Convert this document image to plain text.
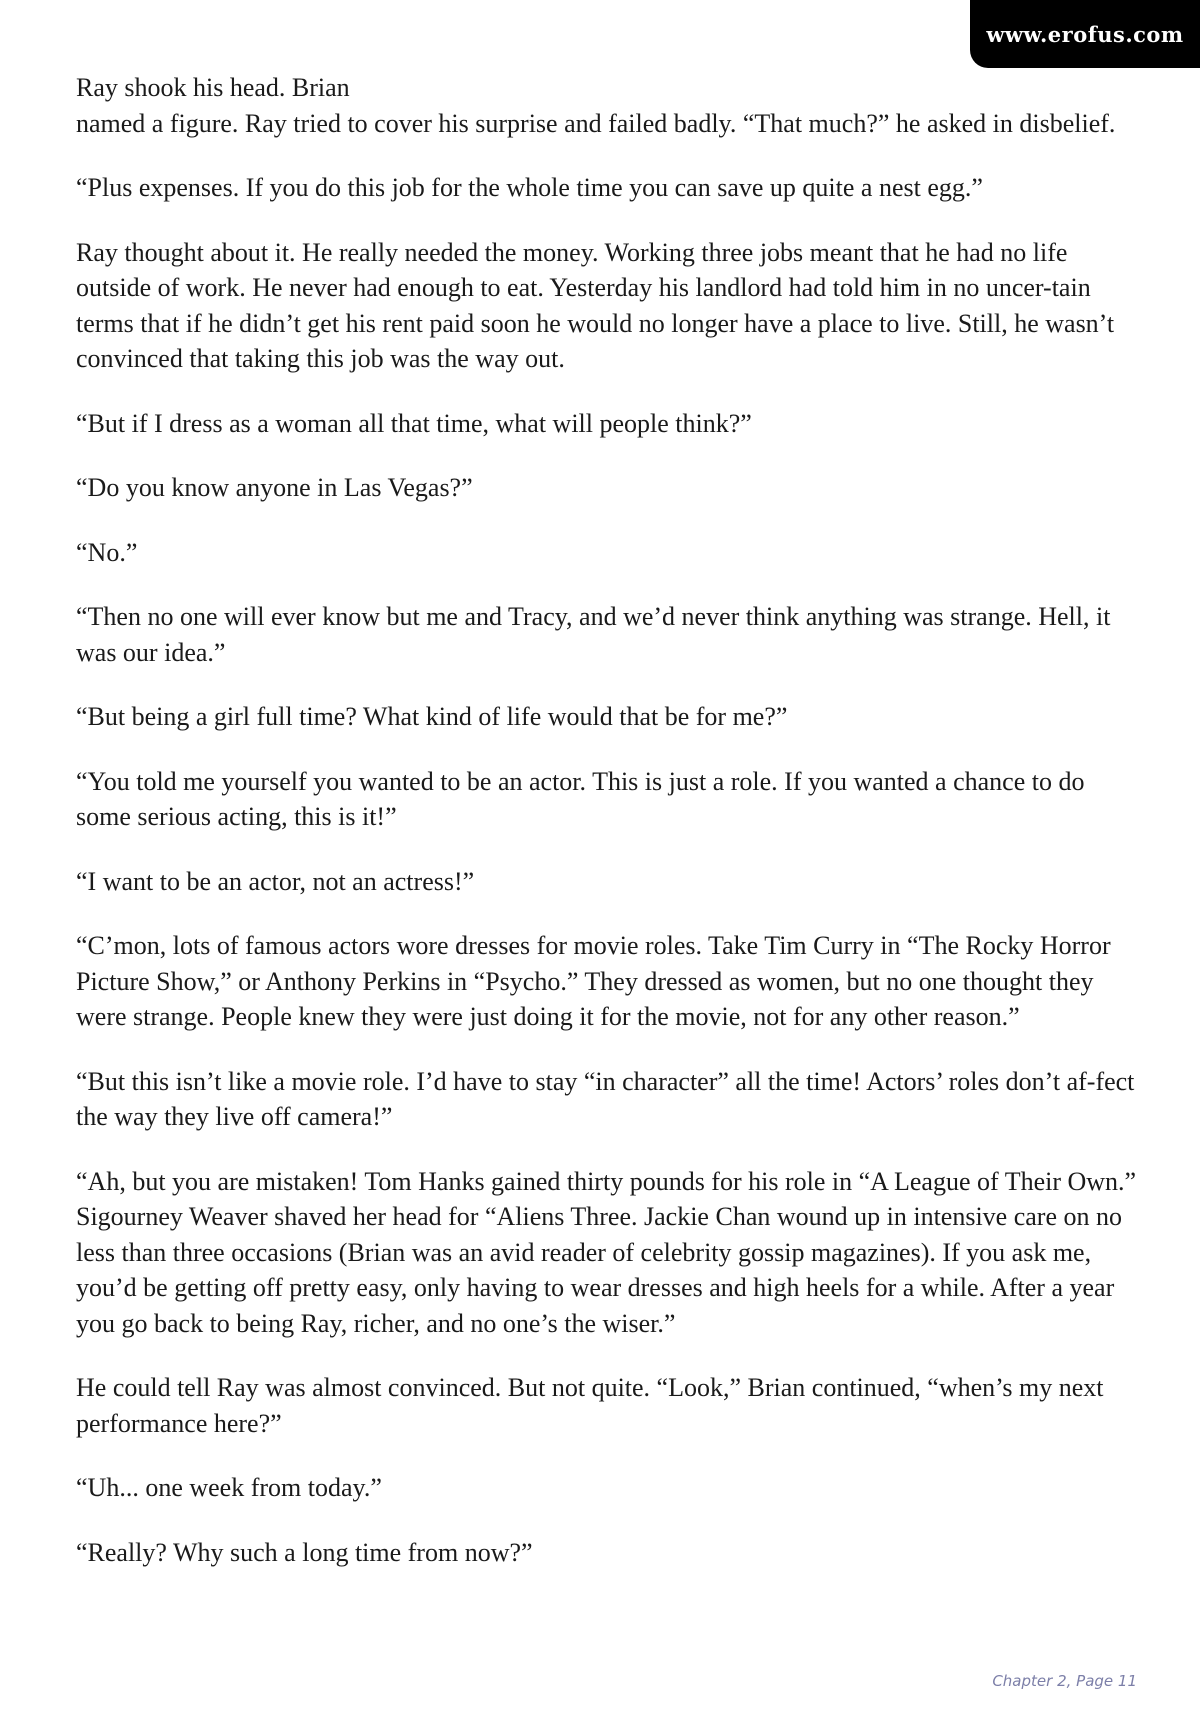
www.erofus.com

Ray shook his head. Brian
named a figure. Ray tried to cover his surprise and failed badly. “That much?” he asked in disbelief.

“Plus expenses. If you do this job for the whole time you can save up quite a nest egg.”

Ray thought about it. He really needed the money. Working three jobs meant that he had no life outside of work. He never had enough to eat. Yesterday his landlord had told him in no uncer-tain terms that if he didn’t get his rent paid soon he would no longer have a place to live. Still, he wasn’t convinced that taking this job was the way out.

“But if I dress as a woman all that time, what will people think?”

“Do you know anyone in Las Vegas?”

“No.”

“Then no one will ever know but me and Tracy, and we’d never think anything was strange. Hell, it was our idea.”

“But being a girl full time? What kind of life would that be for me?”

“You told me yourself you wanted to be an actor. This is just a role. If you wanted a chance to do some serious acting, this is it!”

“I want to be an actor, not an actress!”

“C’mon, lots of famous actors wore dresses for movie roles. Take Tim Curry in “The Rocky Horror Picture Show,” or Anthony Perkins in “Psycho.” They dressed as women, but no one thought they were strange. People knew they were just doing it for the movie, not for any other reason.”

“But this isn’t like a movie role. I’d have to stay “in character” all the time! Actors’ roles don’t af-fect the way they live off camera!”

“Ah, but you are mistaken! Tom Hanks gained thirty pounds for his role in “A League of Their Own.” Sigourney Weaver shaved her head for “Aliens Three. Jackie Chan wound up in intensive care on no less than three occasions (Brian was an avid reader of celebrity gossip magazines). If you ask me, you’d be getting off pretty easy, only having to wear dresses and high heels for a while. After a year you go back to being Ray, richer, and no one’s the wiser.”

He could tell Ray was almost convinced. But not quite. “Look,” Brian continued, “when’s my next performance here?”

“Uh... one week from today.”

“Really? Why such a long time from now?”

Chapter 2, Page 11
